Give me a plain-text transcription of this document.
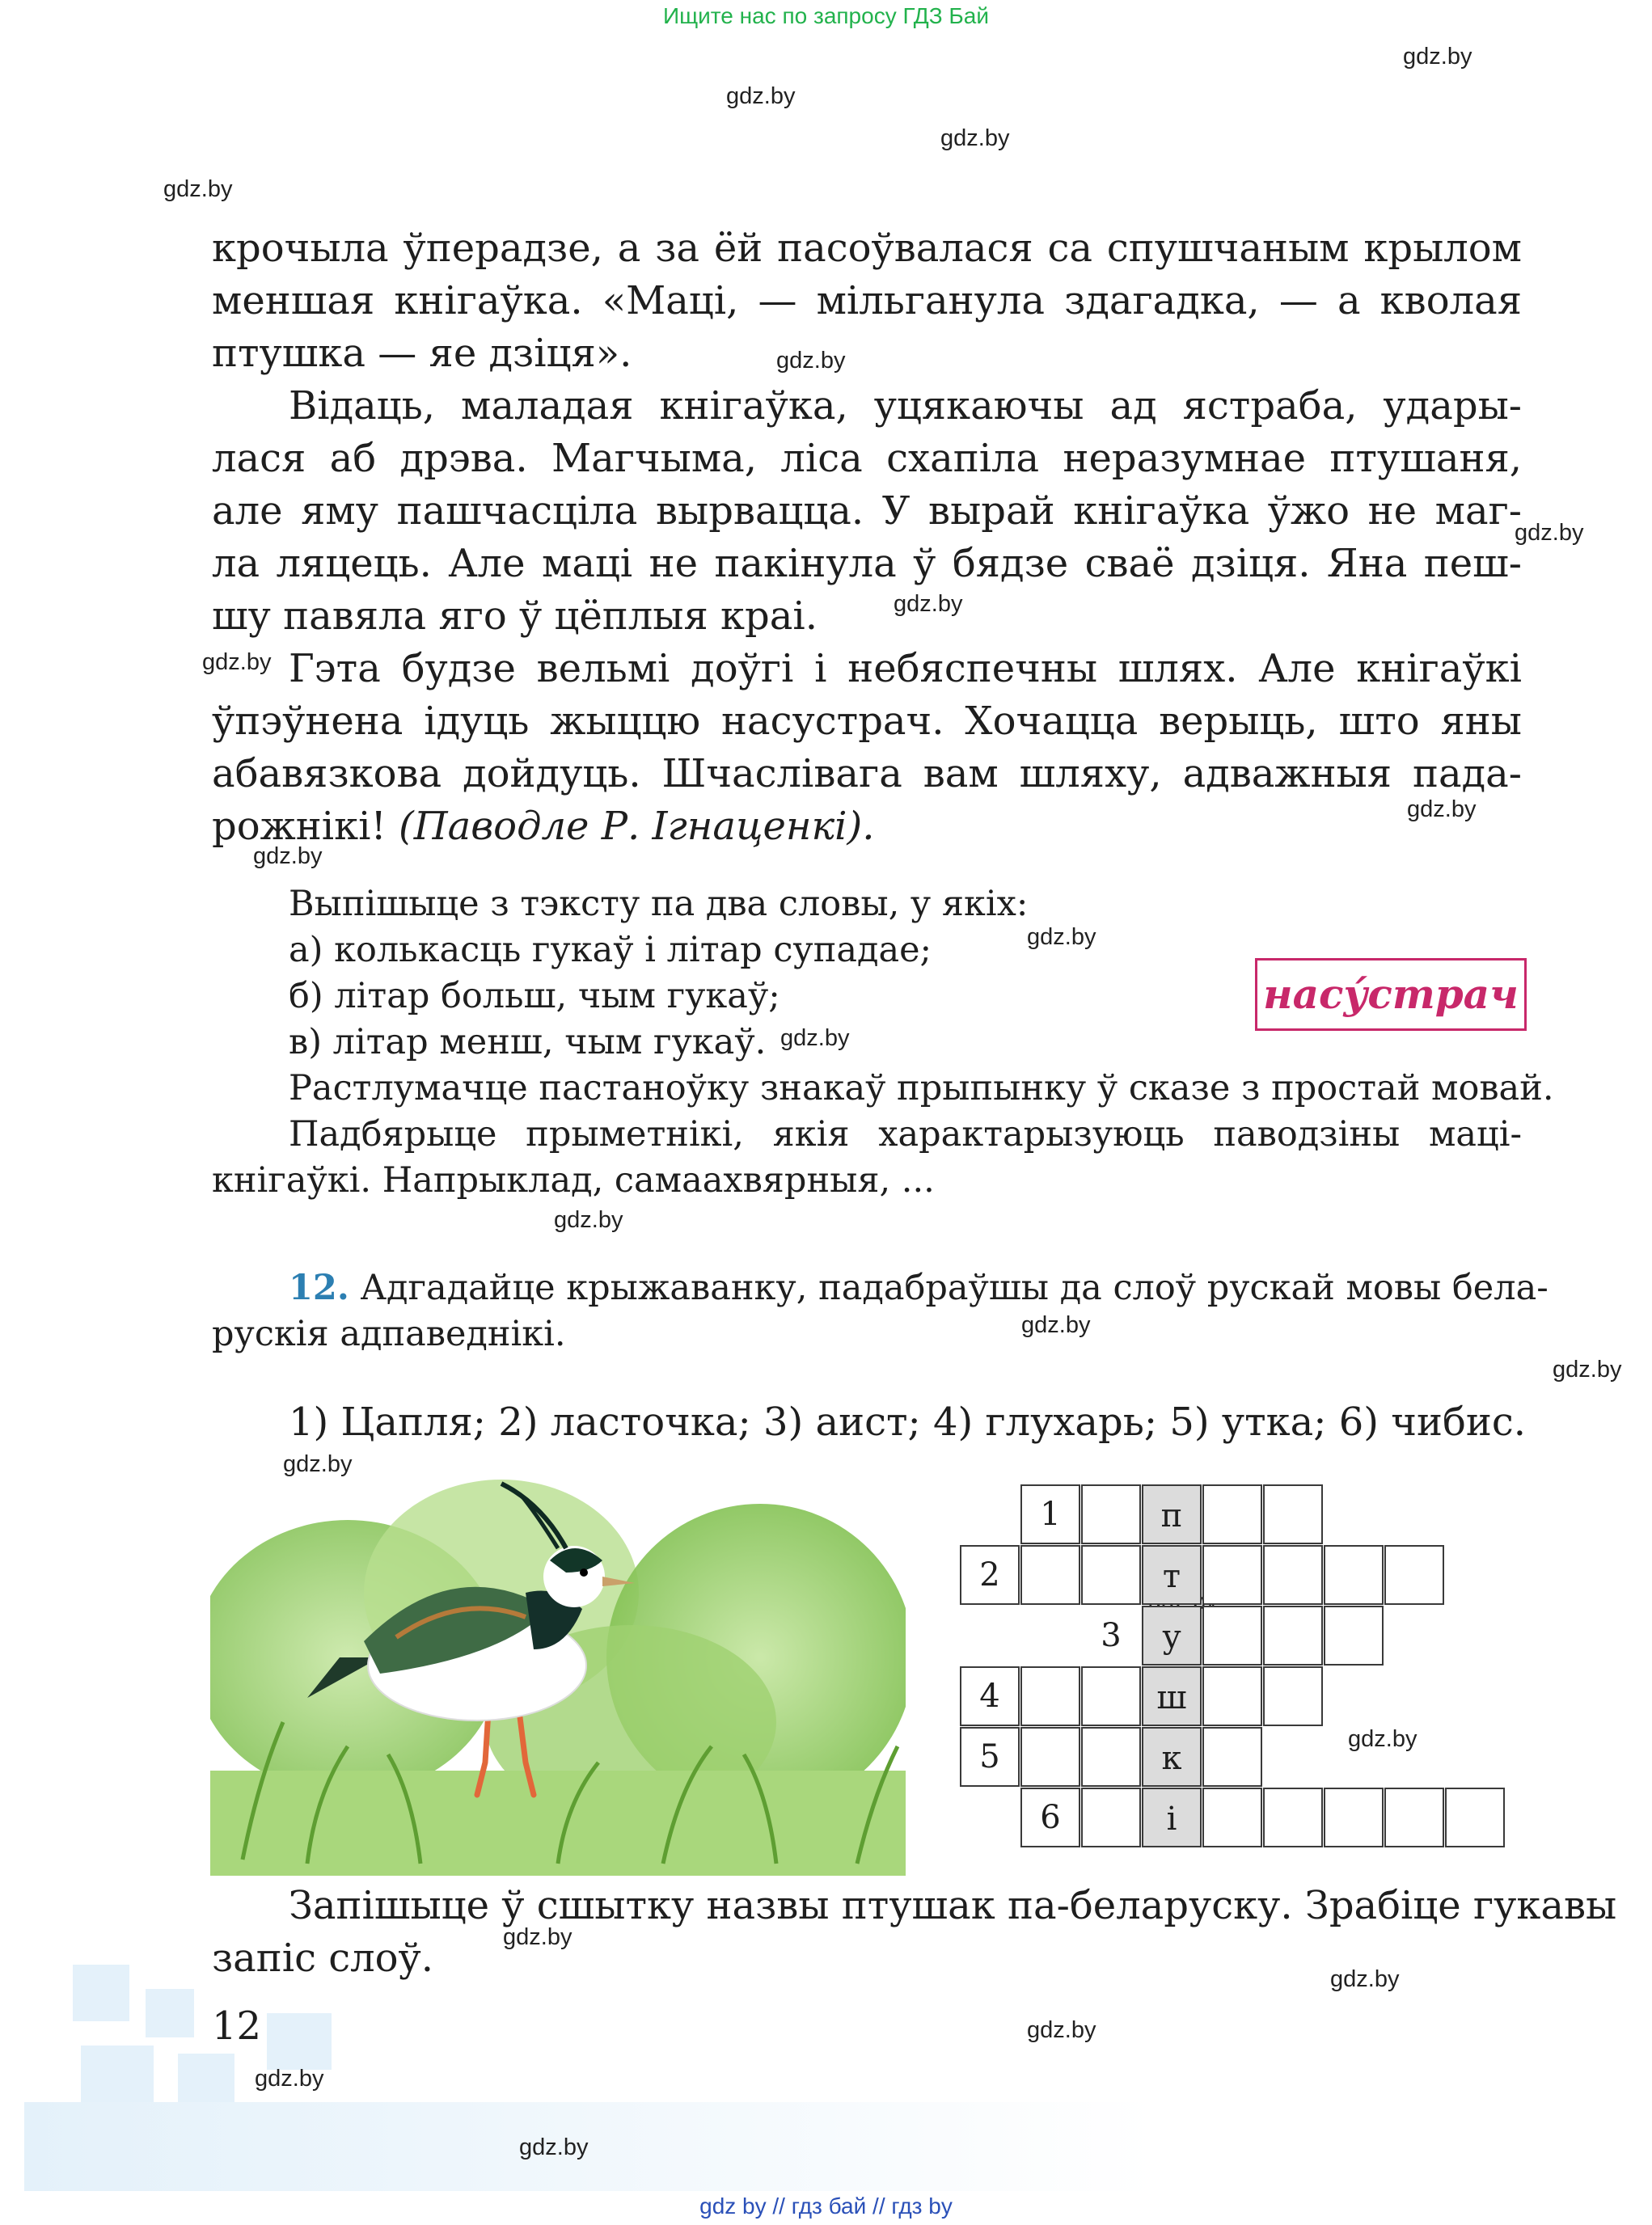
Ищите нас по запросу ГДЗ Бай
gdz.by
gdz.by
gdz.by
gdz.by
gdz.by
gdz.by
gdz.by
gdz.by
gdz.by
gdz.by
gdz.by
gdz.by
gdz.by
gdz.by
gdz.by
gdz.by
gdz.by
gdz.by
gdz.by
gdz.by
gdz.by
gdz.by
крочыла ўперадзе, а за ёй пасоўвалася са спушчаным крылом
меншая кнігаўка. «Маці, — мільганула здагадка, — а кволая
птушка — яе дзіця».
Відаць, маладая кнігаўка, уцякаючы ад ястраба, удары-
лася аб дрэва. Магчыма, ліса схапіла неразумнае птушаня,
але яму пашчасціла вырвацца. У вырай кнігаўка ўжо не маг-
ла ляцець. Але маці не пакінула ў бядзе сваё дзіця. Яна пеш-
шу павяла яго ў цёплыя краі.
Гэта будзе вельмі доўгі і небяспечны шлях. Але кнігаўкі
ўпэўнена ідуць жыццю насустрач. Хочацца верыць, што яны
абавязкова дойдуць. Шчаслівага вам шляху, адважныя пада-
рожнікі! (Паводле Р. Ігнаценкі).
Выпішыце з тэксту па два словы, у якіх:
а) колькасць гукаў і літар супадае;
б) літар больш, чым гукаў;
в) літар менш, чым гукаў.
Растлумачце пастаноўку знакаў прыпынку ў сказе з простай мовай.
Падбярыце прыметнікі, якія характарызуюць паводзіны маці-
кнігаўкі. Напрыклад, самаахвярныя, ...
насу́страч
12. Адгадайце крыжаванку, падабраўшы да слоў рускай мовы бела-
рускія адпаведнікі.
1) Цапля; 2) ласточка; 3) аист; 4) глухарь; 5) утка; 6) чибис.
п
т
у
ш
к
і
1
2
3
4
5
6
Запішыце ў сшытку назвы птушак па-беларуску. Зрабіце гукавы
запіс слоў.
12
gdz by // гдз бай // гдз by
